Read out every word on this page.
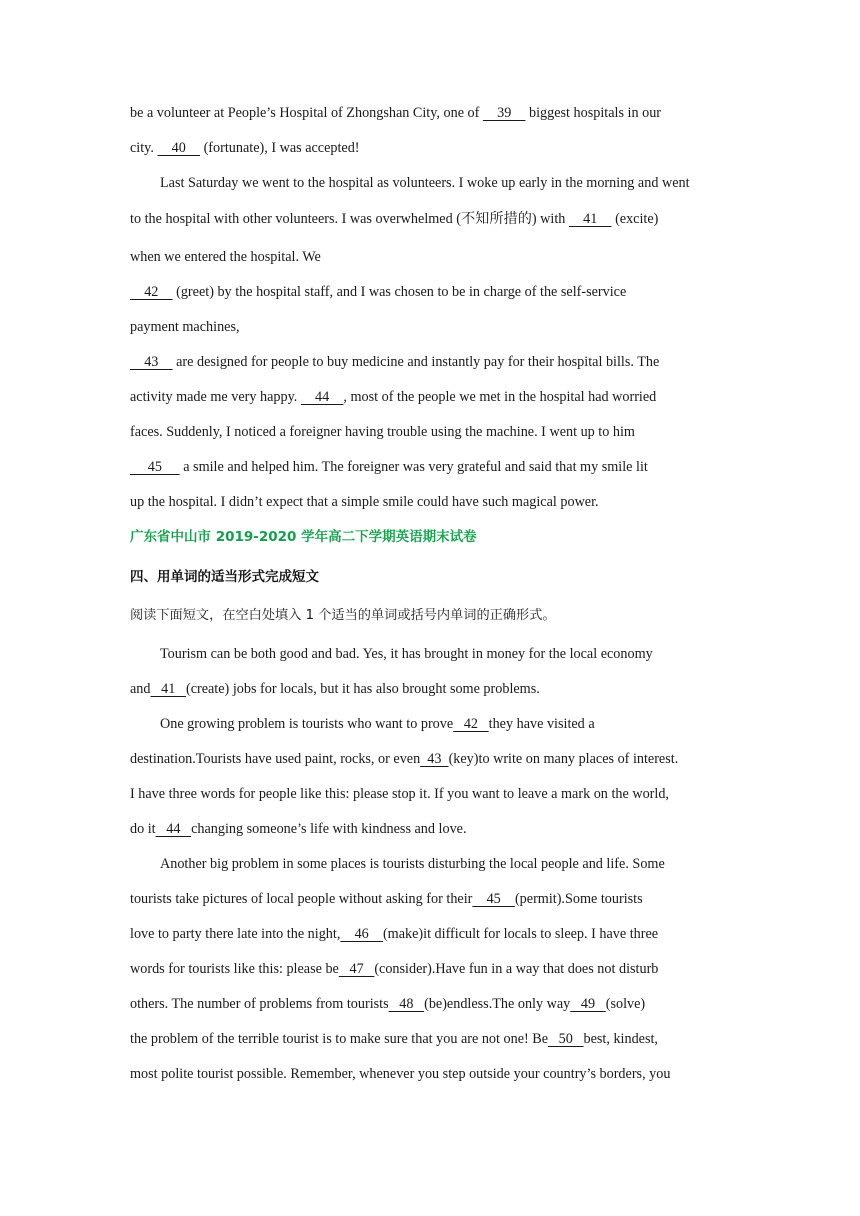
be a volunteer at People’s Hospital of Zhongshan City, one of     39     biggest hospitals in our
city.     40     (fortunate), I was accepted!
Last Saturday we went to the hospital as volunteers. I woke up early in the morning and went
to the hospital with other volunteers. I was overwhelmed (不知所措的) with     41     (excite)
when we entered the hospital. We
42     (greet) by the hospital staff, and I was chosen to be in charge of the self-service
payment machines,
43     are designed for people to buy medicine and instantly pay for their hospital bills. The
activity made me very happy.     44    , most of the people we met in the hospital had worried
faces. Suddenly, I noticed a foreigner having trouble using the machine. I went up to him
45      a smile and helped him. The foreigner was very grateful and said that my smile lit
up the hospital. I didn’t expect that a simple smile could have such magical power.
广东省中山市 2019-2020 学年高二下学期英语期末试卷
四、用单词的适当形式完成短文
阅读下面短文，在空白处填入 1 个适当的单词或括号内单词的正确形式。
Tourism can be both good and bad. Yes, it has brought in money for the local economy
and   41   (create) jobs for locals, but it has also brought some problems.
One growing problem is tourists who want to prove   42   they have visited a
destination.Tourists have used paint, rocks, or even  43  (key)to write on many places of interest.
I have three words for people like this: please stop it. If you want to leave a mark on the world,
do it   44   changing someone’s life with kindness and love.
Another big problem in some places is tourists disturbing the local people and life. Some
tourists take pictures of local people without asking for their    45    (permit).Some tourists
love to party there late into the night,    46    (make)it difficult for locals to sleep. I have three
words for tourists like this: please be   47   (consider).Have fun in a way that does not disturb
others. The number of problems from tourists   48   (be)endless.The only way   49   (solve)
the problem of the terrible tourist is to make sure that you are not one! Be   50   best, kindest,
most polite tourist possible. Remember, whenever you step outside your country’s borders, you
